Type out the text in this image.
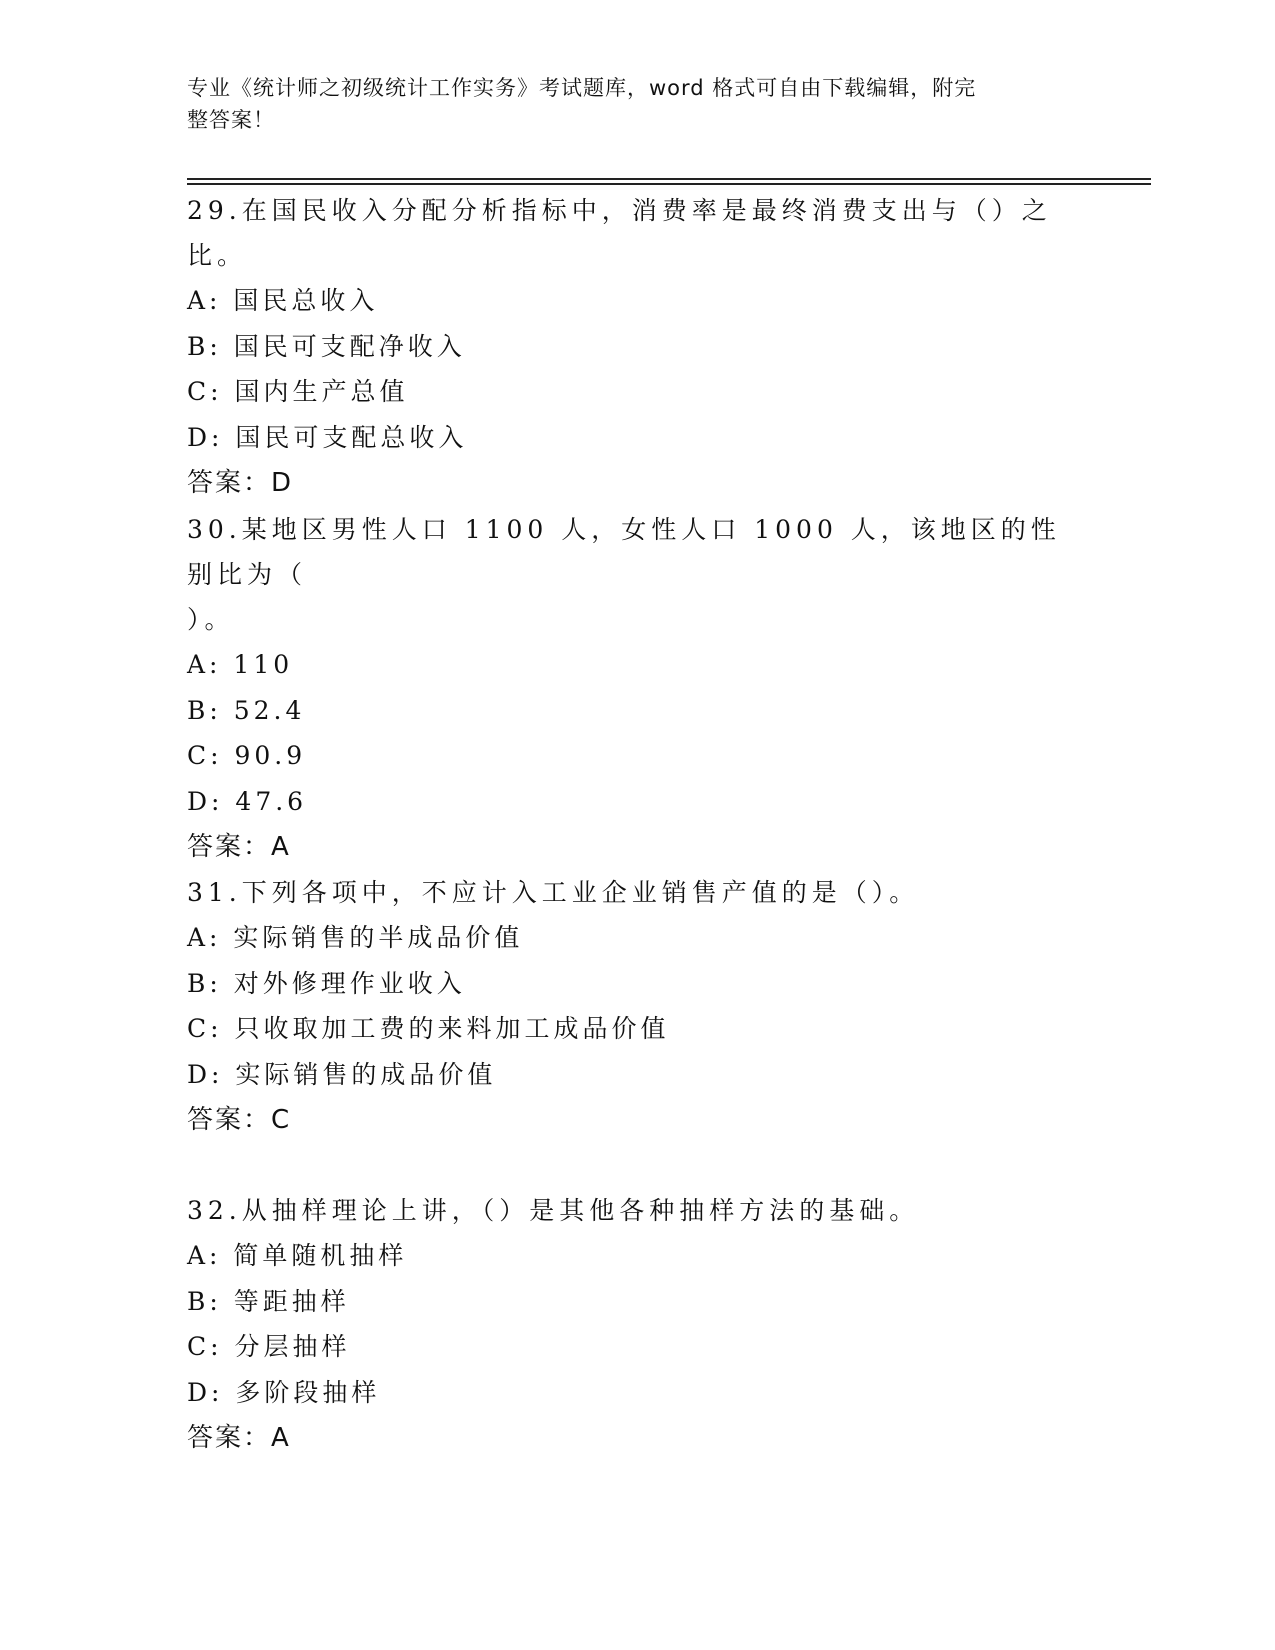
专业《统计师之初级统计工作实务》考试题库，word 格式可自由下载编辑，附完
整答案！

29.在国民收入分配分析指标中，消费率是最终消费支出与（）之比。

A: 国民总收入
B: 国民可支配净收入
C: 国内生产总值
D: 国民可支配总收入

答案：D

30.某地区男性人口 1100 人，女性人口 1000 人，该地区的性别比为（
）。

A: 110
B: 52.4
C: 90.9
D: 47.6

答案：A

31.下列各项中，不应计入工业企业销售产值的是（）。

A: 实际销售的半成品价值
B: 对外修理作业收入
C: 只收取加工费的来料加工成品价值
D: 实际销售的成品价值

答案：C

32.从抽样理论上讲，（）是其他各种抽样方法的基础。

A: 简单随机抽样
B: 等距抽样
C: 分层抽样
D: 多阶段抽样

答案：A
